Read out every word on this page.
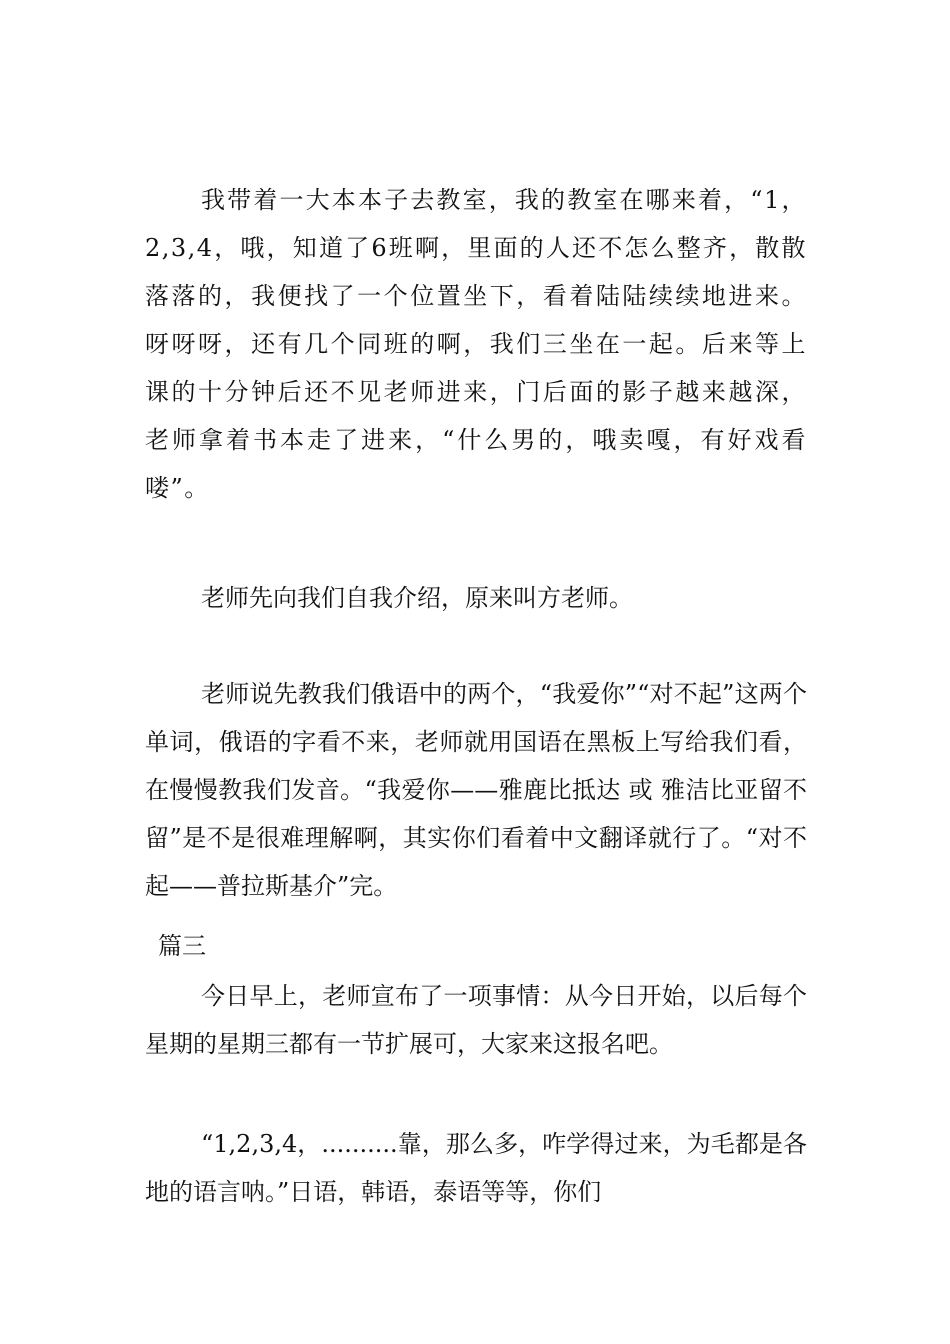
我带着一大本本子去教室，我的教室在哪来着，“1，2,3,4，哦，知道了6班啊，里面的人还不怎么整齐，散散落落的，我便找了一个位置坐下，看着陆陆续续地进来。呀呀呀，还有几个同班的啊，我们三坐在一起。后来等上课的十分钟后还不见老师进来，门后面的影子越来越深，老师拿着书本走了进来，“什么男的，哦卖嘎，有好戏看喽”。

老师先向我们自我介绍，原来叫方老师。

老师说先教我们俄语中的两个，“我爱你”“对不起”这两个单词，俄语的字看不来，老师就用国语在黑板上写给我们看，在慢慢教我们发音。“我爱你——雅鹿比抵达 或 雅洁比亚留不留”是不是很难理解啊，其实你们看着中文翻译就行了。“对不起——普拉斯基介”完。

篇三

今日早上，老师宣布了一项事情：从今日开始，以后每个星期的星期三都有一节扩展可，大家来这报名吧。

“1,2,3,4，..........靠，那么多，咋学得过来，为毛都是各地的语言呐。”日语，韩语，泰语等等，你们
